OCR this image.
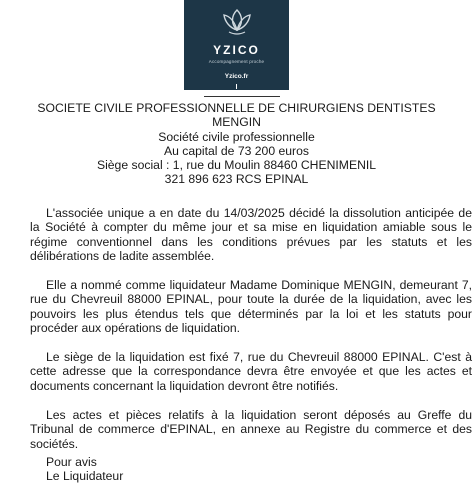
YZICO
Accompagnement proche
Yzico.fr
SOCIETE CIVILE PROFESSIONNELLE DE CHIRURGIENS DENTISTES
MENGIN
Société civile professionnelle
Au capital de 73 200 euros
Siège social : 1, rue du Moulin 88460 CHENIMENIL
321 896 623 RCS EPINAL
L'associée unique a en date du 14/03/2025 décidé la dissolution anticipée de la Société à compter du même jour et sa mise en liquidation amiable sous le régime conventionnel dans les conditions prévues par les statuts et les délibérations de ladite assemblée.
Elle a nommé comme liquidateur Madame Dominique MENGIN, demeurant 7, rue du Chevreuil 88000 EPINAL, pour toute la durée de la liquidation, avec les pouvoirs les plus étendus tels que déterminés par la loi et les statuts pour procéder aux opérations de liquidation.
Le siège de la liquidation est fixé 7, rue du Chevreuil 88000 EPINAL. C'est à cette adresse que la correspondance devra être envoyée et que les actes et documents concernant la liquidation devront être notifiés.
Les actes et pièces relatifs à la liquidation seront déposés au Greffe du Tribunal de commerce d'EPINAL, en annexe au Registre du commerce et des sociétés.
Pour avis
Le Liquidateur
